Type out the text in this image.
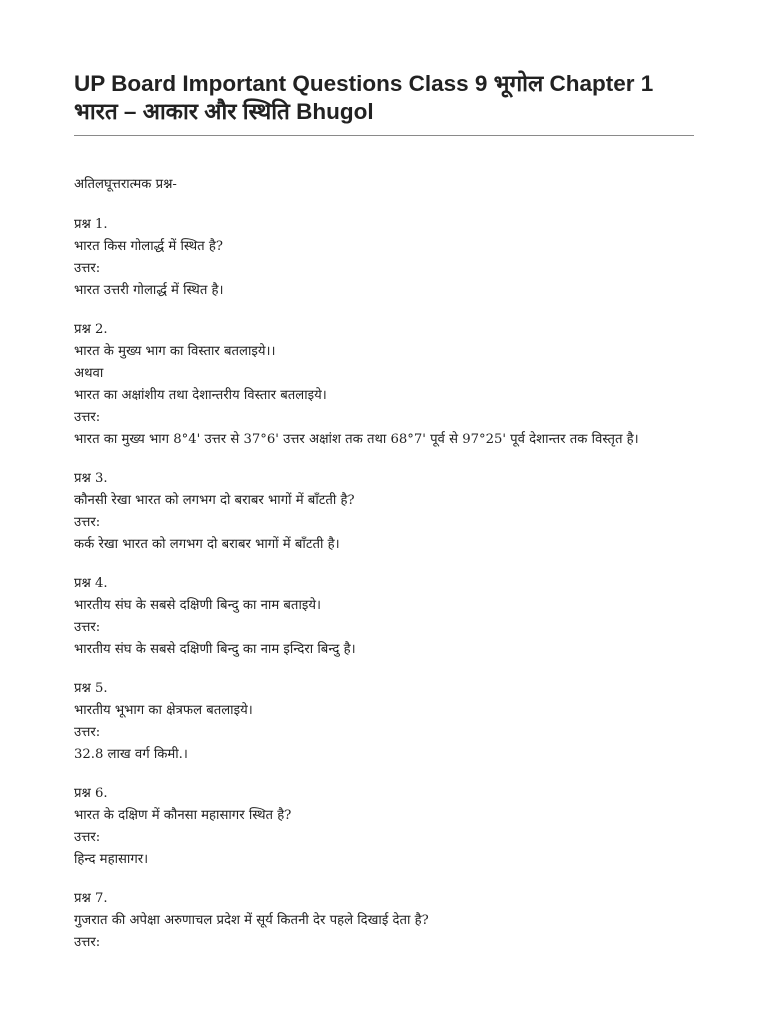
UP Board Important Questions Class 9 भूगोल Chapter 1
भारत – आकार और स्थिति Bhugol

अतिलघूत्तरात्मक प्रश्न-

प्रश्न 1.
भारत किस गोलार्द्ध में स्थित है?
उत्तर:
भारत उत्तरी गोलार्द्ध में स्थित है।
प्रश्न 2.
भारत के मुख्य भाग का विस्तार बतलाइये।।
अथवा
भारत का अक्षांशीय तथा देशान्तरीय विस्तार बतलाइये।
उत्तर:
भारत का मुख्य भाग 8°4' उत्तर से 37°6' उत्तर अक्षांश तक तथा 68°7' पूर्व से 97°25' पूर्व देशान्तर तक विस्तृत है।
प्रश्न 3.
कौनसी रेखा भारत को लगभग दो बराबर भागों में बाँटती है?
उत्तर:
कर्क रेखा भारत को लगभग दो बराबर भागों में बाँटती है।
प्रश्न 4.
भारतीय संघ के सबसे दक्षिणी बिन्दु का नाम बताइये।
उत्तर:
भारतीय संघ के सबसे दक्षिणी बिन्दु का नाम इन्दिरा बिन्दु है।
प्रश्न 5.
भारतीय भूभाग का क्षेत्रफल बतलाइये।
उत्तर:
32.8 लाख वर्ग किमी.।
प्रश्न 6.
भारत के दक्षिण में कौनसा महासागर स्थित है?
उत्तर:
हिन्द महासागर।
प्रश्न 7.
गुजरात की अपेक्षा अरुणाचल प्रदेश में सूर्य कितनी देर पहले दिखाई देता है?
उत्तर:
